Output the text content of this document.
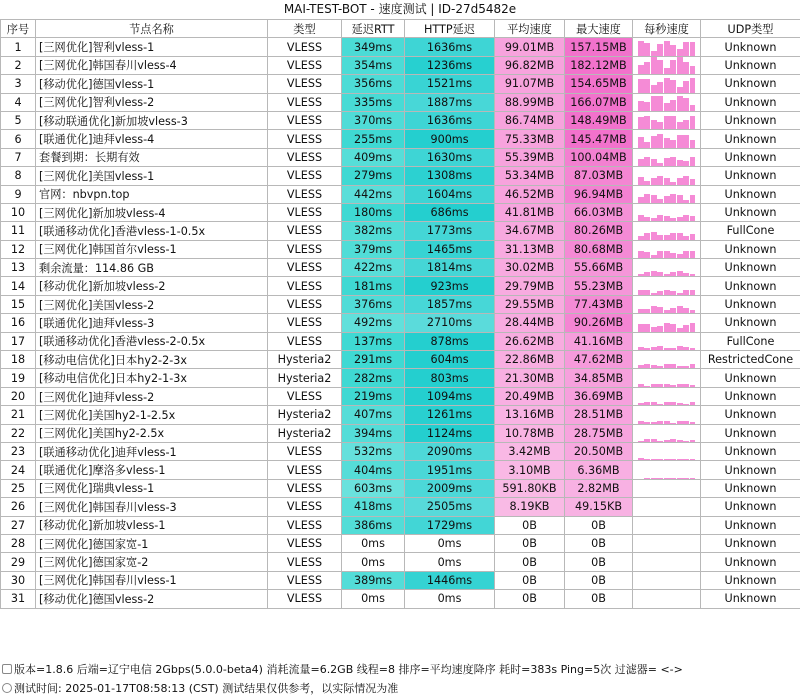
MAI-TEST-BOT - 速度测试 | ID-27d5482e
序号	节点名称	类型	延迟RTT	HTTP延迟	平均速度	最大速度	每秒速度	UDP类型
1	[三网优化]智利vless-1	VLESS	349ms	1636ms	99.01MB	157.15MB		Unknown
2	[三网优化]韩国春川vless-4	VLESS	354ms	1236ms	96.82MB	182.12MB		Unknown
3	[移动优化]德国vless-1	VLESS	356ms	1521ms	91.07MB	154.65MB		Unknown
4	[三网优化]智利vless-2	VLESS	335ms	1887ms	88.99MB	166.07MB		Unknown
5	[移动联通优化]新加坡vless-3	VLESS	370ms	1636ms	86.74MB	148.49MB		Unknown
6	[联通优化]迪拜vless-4	VLESS	255ms	900ms	75.33MB	145.47MB		Unknown
7	套餐到期：长期有效	VLESS	409ms	1630ms	55.39MB	100.04MB		Unknown
8	[三网优化]美国vless-1	VLESS	279ms	1308ms	53.34MB	87.03MB		Unknown
9	官网：nbvpn.top	VLESS	442ms	1604ms	46.52MB	96.94MB		Unknown
10	[三网优化]新加坡vless-4	VLESS	180ms	686ms	41.81MB	66.03MB		Unknown
11	[联通移动优化]香港vless-1-0.5x	VLESS	382ms	1773ms	34.67MB	80.26MB		FullCone
12	[三网优化]韩国首尔vless-1	VLESS	379ms	1465ms	31.13MB	80.68MB		Unknown
13	剩余流量：114.86 GB	VLESS	422ms	1814ms	30.02MB	55.66MB		Unknown
14	[移动优化]新加坡vless-2	VLESS	181ms	923ms	29.79MB	55.23MB		Unknown
15	[三网优化]美国vless-2	VLESS	376ms	1857ms	29.55MB	77.43MB		Unknown
16	[联通优化]迪拜vless-3	VLESS	492ms	2710ms	28.44MB	90.26MB		Unknown
17	[联通移动优化]香港vless-2-0.5x	VLESS	137ms	878ms	26.62MB	41.16MB		FullCone
18	[移动电信优化]日本hy2-2-3x	Hysteria2	291ms	604ms	22.86MB	47.62MB		RestrictedCone
19	[移动电信优化]日本hy2-1-3x	Hysteria2	282ms	803ms	21.30MB	34.85MB		Unknown
20	[三网优化]迪拜vless-2	VLESS	219ms	1094ms	20.49MB	36.69MB		Unknown
21	[三网优化]美国hy2-1-2.5x	Hysteria2	407ms	1261ms	13.16MB	28.51MB		Unknown
22	[三网优化]美国hy2-2.5x	Hysteria2	394ms	1124ms	10.78MB	28.75MB		Unknown
23	[联通移动优化]迪拜vless-1	VLESS	532ms	2090ms	3.42MB	20.50MB		Unknown
24	[联通优化]摩洛多vless-1	VLESS	404ms	1951ms	3.10MB	6.36MB		Unknown
25	[三网优化]瑞典vless-1	VLESS	603ms	2009ms	591.80KB	2.82MB		Unknown
26	[三网优化]韩国春川vless-3	VLESS	418ms	2505ms	8.19KB	49.15KB		Unknown
27	[移动优化]新加坡vless-1	VLESS	386ms	1729ms	0B	0B		Unknown
28	[三网优化]德国家宽-1	VLESS	0ms	0ms	0B	0B		Unknown
29	[三网优化]德国家宽-2	VLESS	0ms	0ms	0B	0B		Unknown
30	[三网优化]韩国春川vless-1	VLESS	389ms	1446ms	0B	0B		Unknown
31	[移动优化]德国vless-2	VLESS	0ms	0ms	0B	0B		Unknown
版本=1.8.6 后端=辽宁电信 2Gbps(5.0.0-beta4) 消耗流量=6.2GB 线程=8 排序=平均速度降序 耗时=383s Ping=5次 过滤器= <->
测试时间: 2025-01-17T08:58:13 (CST) 测试结果仅供参考，以实际情况为准
